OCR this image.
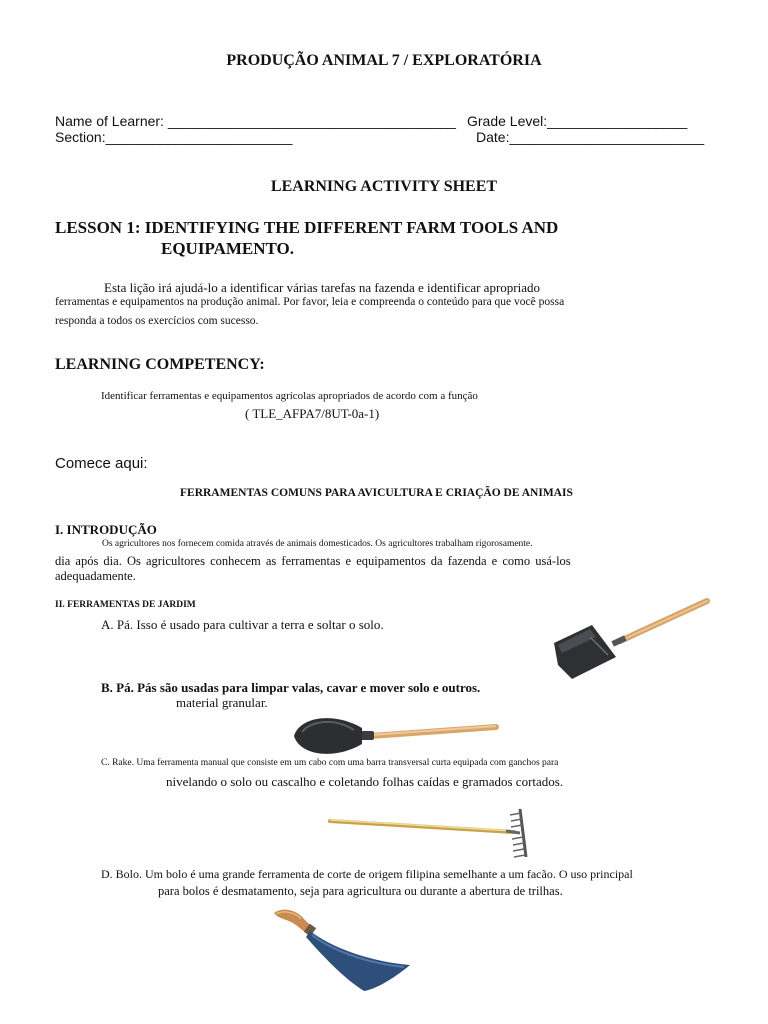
PRODUÇÃO ANIMAL 7 / EXPLORATÓRIA
Name of Learner: _____________________________________ Grade Level:__________________
Section:________________________	Date:_________________________
LEARNING ACTIVITY SHEET
LESSON 1: IDENTIFYING THE DIFFERENT FARM TOOLS AND
EQUIPAMENTO.
Esta lição irá ajudá-lo a identificar várias tarefas na fazenda e identificar apropriado
ferramentas e equipamentos na produção animal. Por favor, leia e compreenda o conteúdo para que você possa
responda a todos os exercícios com sucesso.
LEARNING COMPETENCY:
Identificar ferramentas e equipamentos agrícolas apropriados de acordo com a função
( TLE_AFPA7/8UT-0a-1)
Comece aqui:
FERRAMENTAS COMUNS PARA AVICULTURA E CRIAÇÃO DE ANIMAIS
I. INTRODUÇÃO
Os agricultores nos fornecem comida através de animais domesticados. Os agricultores trabalham rigorosamente.
dia após dia. Os agricultores conhecem as ferramentas e equipamentos da fazenda e como usá-los
adequadamente.
II. FERRAMENTAS DE JARDIM
A. Pá. Isso é usado para cultivar a terra e soltar o solo.
B. Pá. Pás são usadas para limpar valas, cavar e mover solo e outros.
material granular.
C. Rake. Uma ferramenta manual que consiste em um cabo com uma barra transversal curta equipada com ganchos para
nivelando o solo ou cascalho e coletando folhas caídas e gramados cortados.
D. Bolo. Um bolo é uma grande ferramenta de corte de origem filipina semelhante a um facão. O uso principal
para bolos é desmatamento, seja para agricultura ou durante a abertura de trilhas.
